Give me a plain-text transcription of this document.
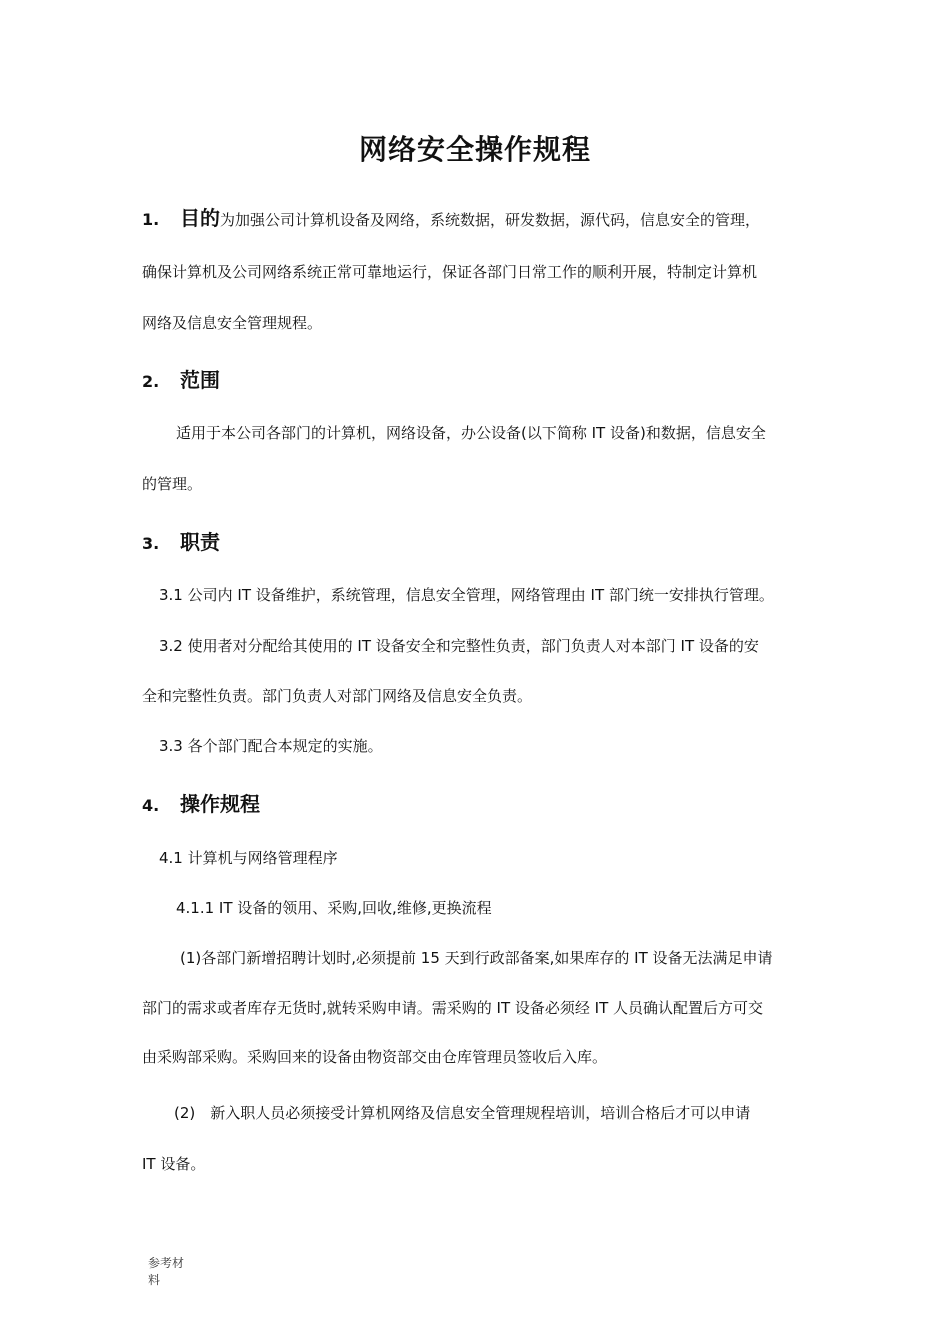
网络安全操作规程
1. 目的为加强公司计算机设备及网络，系统数据，研发数据，源代码，信息安全的管理，
确保计算机及公司网络系统正常可靠地运行，保证各部门日常工作的顺利开展，特制定计算机
网络及信息安全管理规程。
2. 范围
适用于本公司各部门的计算机，网络设备，办公设备(以下简称 IT 设备)和数据，信息安全
的管理。
3. 职责
3.1 公司内 IT 设备维护，系统管理，信息安全管理，网络管理由 IT 部门统一安排执行管理。
3.2 使用者对分配给其使用的 IT 设备安全和完整性负责，部门负责人对本部门 IT 设备的安
全和完整性负责。部门负责人对部门网络及信息安全负责。
3.3 各个部门配合本规定的实施。
4. 操作规程
4.1 计算机与网络管理程序
4.1.1 IT 设备的领用、采购,回收,维修,更换流程
(1)各部门新增招聘计划时,必须提前 15 天到行政部备案,如果库存的 IT 设备无法满足申请
部门的需求或者库存无货时,就转采购申请。需采购的 IT 设备必须经 IT 人员确认配置后方可交
由采购部采购。采购回来的设备由物资部交由仓库管理员签收后入库。
(2)　新入职人员必须接受计算机网络及信息安全管理规程培训，培训合格后才可以申请
IT 设备。
参考材
料
